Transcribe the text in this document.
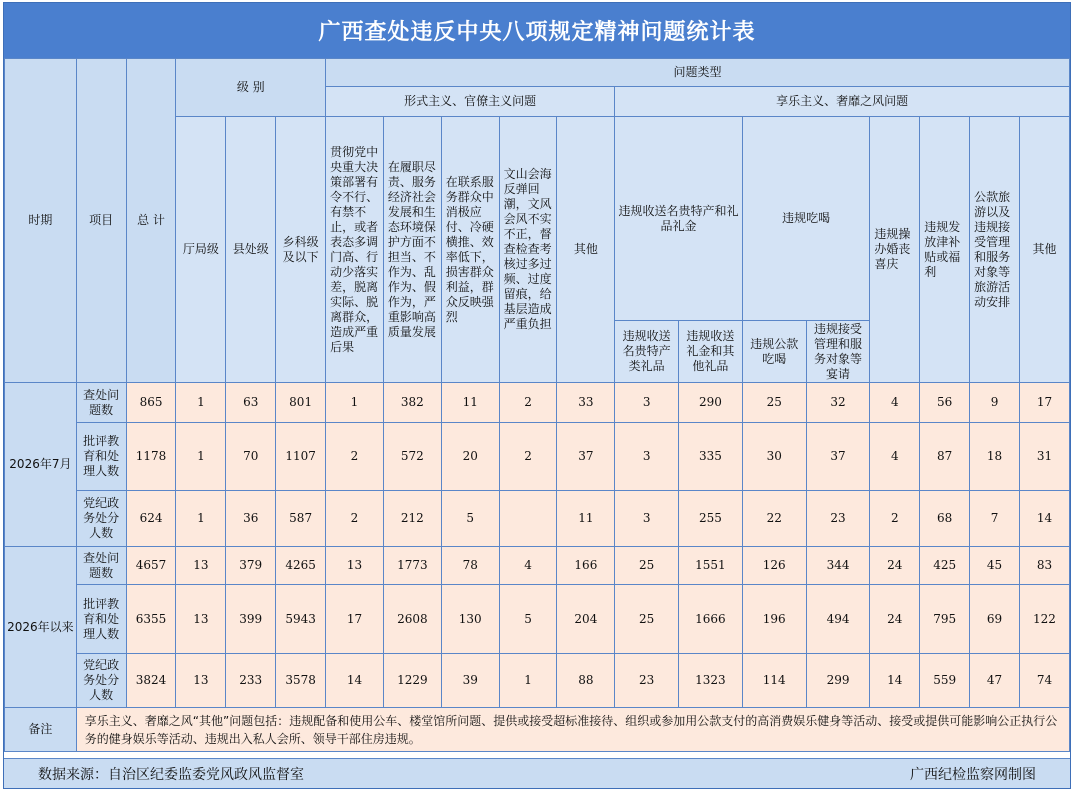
广西查处违反中央八项规定精神问题统计表
时期	项目	总 计	级 别			问题类型												
						形式主义、官僚主义问题					享乐主义、奢靡之风问题							
			厅局级	县处级	乡科级及以下	贯彻党中央重大决策部署有令不行、有禁不止，或者表态多调门高、行动少落实差，脱离实际、脱离群众，造成严重后果	在履职尽责、服务经济社会发展和生态环境保护方面不担当、不作为、乱作为、假作为，严重影响高质量发展	在联系服务群众中消极应付、冷硬横推、效率低下，损害群众利益，群众反映强烈	文山会海反弹回潮，文风会风不实不正，督查检查考核过多过频、过度留痕，给基层造成严重负担	其他	违规收送名贵特产和礼品礼金		违规吃喝		违规操办婚丧喜庆	违规发放津补贴或福利	公款旅游以及违规接受管理和服务对象等旅游活动安排	其他
											违规收送名贵特产类礼品	违规收送礼金和其他礼品	违规公款吃喝	违规接受管理和服务对象等宴请				
2026年7月	查处问题数	865	1	63	801	1	382	11	2	33	3	290	25	32	4	56	9	17
	批评教育和处理人数	1178	1	70	1107	2	572	20	2	37	3	335	30	37	4	87	18	31
	党纪政务处分人数	624	1	36	587	2	212	5		11	3	255	22	23	2	68	7	14
2026年以来	查处问题数	4657	13	379	4265	13	1773	78	4	166	25	1551	126	344	24	425	45	83
	批评教育和处理人数	6355	13	399	5943	17	2608	130	5	204	25	1666	196	494	24	795	69	122
	党纪政务处分人数	3824	13	233	3578	14	1229	39	1	88	23	1323	114	299	14	559	47	74
备注	享乐主义、奢靡之风“其他”问题包括：违规配备和使用公车、楼堂馆所问题、提供或接受超标准接待、组织或参加用公款支付的高消费娱乐健身等活动、接受或提供可能影响公正执行公务的健身娱乐等活动、违规出入私人会所、领导干部住房违规。																	
数据来源：自治区纪委监委党风政风监督室	广西纪检监察网制图
